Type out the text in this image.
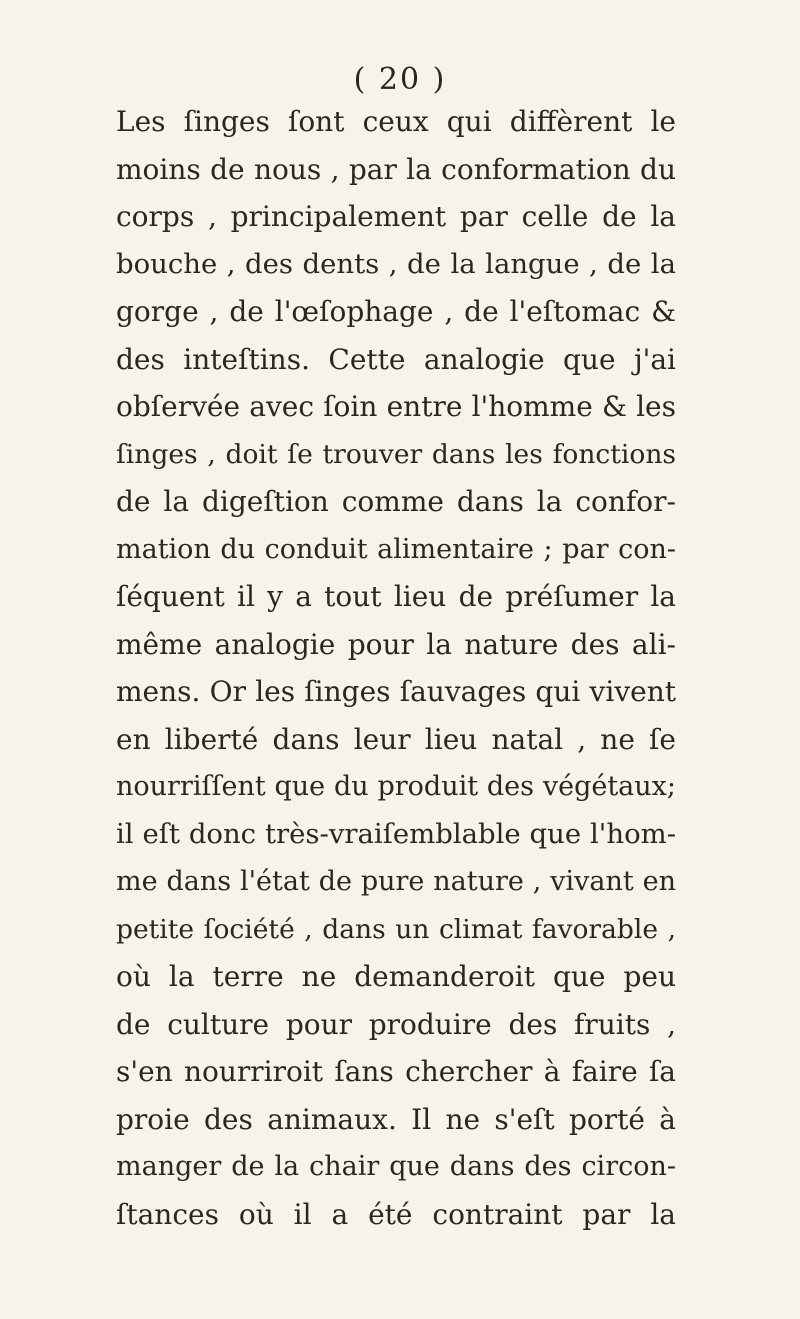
( 20 )
Les ſinges ſont ceux qui diffèrent le
moins de nous , par la conformation du
corps , principalement par celle de la
bouche , des dents , de la langue , de la
gorge , de l'œſophage , de l'eſtomac &
des inteſtins. Cette analogie que j'ai
obſervée avec ſoin entre l'homme & les
ſinges , doit ſe trouver dans les fonctions
de la digeſtion comme dans la confor-
mation du conduit alimentaire ; par con-
ſéquent il y a tout lieu de préſumer la
même analogie pour la nature des ali-
mens. Or les ſinges ſauvages qui vivent
en liberté dans leur lieu natal , ne ſe
nourriſſent que du produit des végétaux;
il eſt donc très-vraiſemblable que l'hom-
me dans l'état de pure nature , vivant en
petite ſociété , dans un climat favorable ,
où la terre ne demanderoit que peu
de culture pour produire des fruits ,
s'en nourriroit ſans chercher à faire ſa
proie des animaux. Il ne s'eſt porté à
manger de la chair que dans des circon-
ſtances où il a été contraint par la
